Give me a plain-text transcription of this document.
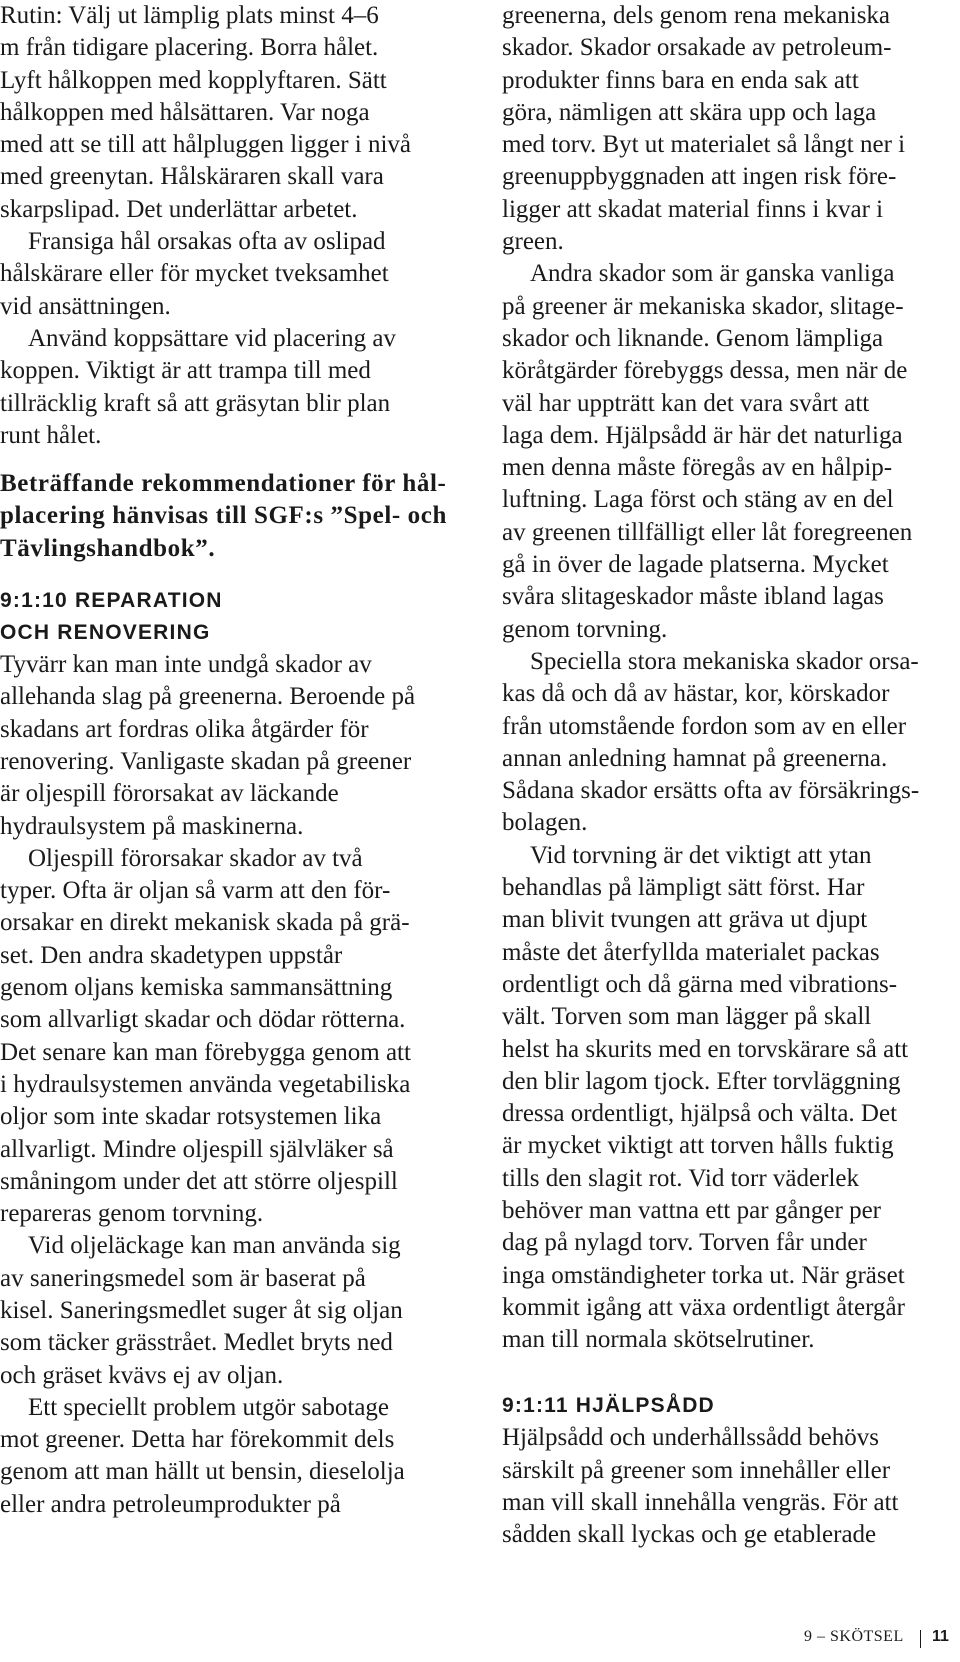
Rutin: Välj ut lämplig plats minst 4–6
m från tidigare placering. Borra hålet.
Lyft hålkoppen med kopplyftaren. Sätt
hålkoppen med hålsättaren. Var noga
med att se till att hålpluggen ligger i nivå
med greenytan. Hålskäraren skall vara
skarpslipad. Det underlättar arbetet.
Fransiga hål orsakas ofta av oslipad
hålskärare eller för mycket tveksamhet
vid ansättningen.
Använd koppsättare vid placering av
koppen. Viktigt är att trampa till med
tillräcklig kraft så att gräsytan blir plan
runt hålet.
Beträffande rekommendationer för hål-
placering hänvisas till SGF:s ”Spel- och
Tävlingshandbok”.
9:1:10 REPARATION
OCH RENOVERING
Tyvärr kan man inte undgå skador av
allehanda slag på greenerna. Beroende på
skadans art fordras olika åtgärder för
renovering. Vanligaste skadan på greener
är oljespill förorsakat av läckande
hydraulsystem på maskinerna.
Oljespill förorsakar skador av två
typer. Ofta är oljan så varm att den för-
orsakar en direkt mekanisk skada på grä-
set. Den andra skadetypen uppstår
genom oljans kemiska sammansättning
som allvarligt skadar och dödar rötterna.
Det senare kan man förebygga genom att
i hydraulsystemen använda vegetabiliska
oljor som inte skadar rotsystemen lika
allvarligt. Mindre oljespill självläker så
småningom under det att större oljespill
repareras genom torvning.
Vid oljeläckage kan man använda sig
av saneringsmedel som är baserat på
kisel. Saneringsmedlet suger åt sig oljan
som täcker grässtrået. Medlet bryts ned
och gräset kvävs ej av oljan.
Ett speciellt problem utgör sabotage
mot greener. Detta har förekommit dels
genom att man hällt ut bensin, dieselolja
eller andra petroleumprodukter på
greenerna, dels genom rena mekaniska
skador. Skador orsakade av petroleum-
produkter finns bara en enda sak att
göra, nämligen att skära upp och laga
med torv. Byt ut materialet så långt ner i
greenuppbyggnaden att ingen risk före-
ligger att skadat material finns i kvar i
green.
Andra skador som är ganska vanliga
på greener är mekaniska skador, slitage-
skador och liknande. Genom lämpliga
köråtgärder förebyggs dessa, men när de
väl har uppträtt kan det vara svårt att
laga dem. Hjälpsådd är här det naturliga
men denna måste föregås av en hålpip-
luftning. Laga först och stäng av en del
av greenen tillfälligt eller låt foregreenen
gå in över de lagade platserna. Mycket
svåra slitageskador måste ibland lagas
genom torvning.
Speciella stora mekaniska skador orsa-
kas då och då av hästar, kor, körskador
från utomstående fordon som av en eller
annan anledning hamnat på greenerna.
Sådana skador ersätts ofta av försäkrings-
bolagen.
Vid torvning är det viktigt att ytan
behandlas på lämpligt sätt först. Har
man blivit tvungen att gräva ut djupt
måste det återfyllda materialet packas
ordentligt och då gärna med vibrations-
vält. Torven som man lägger på skall
helst ha skurits med en torvskärare så att
den blir lagom tjock. Efter torvläggning
dressa ordentligt, hjälpså och välta. Det
är mycket viktigt att torven hålls fuktig
tills den slagit rot. Vid torr väderlek
behöver man vattna ett par gånger per
dag på nylagd torv. Torven får under
inga omständigheter torka ut. När gräset
kommit igång att växa ordentligt återgår
man till normala skötselrutiner.
9:1:11 HJÄLPSÅDD
Hjälpsådd och underhållssådd behövs
särskilt på greener som innehåller eller
man vill skall innehålla vengräs. För att
sådden skall lyckas och ge etablerade
9 – SKÖTSEL 11
